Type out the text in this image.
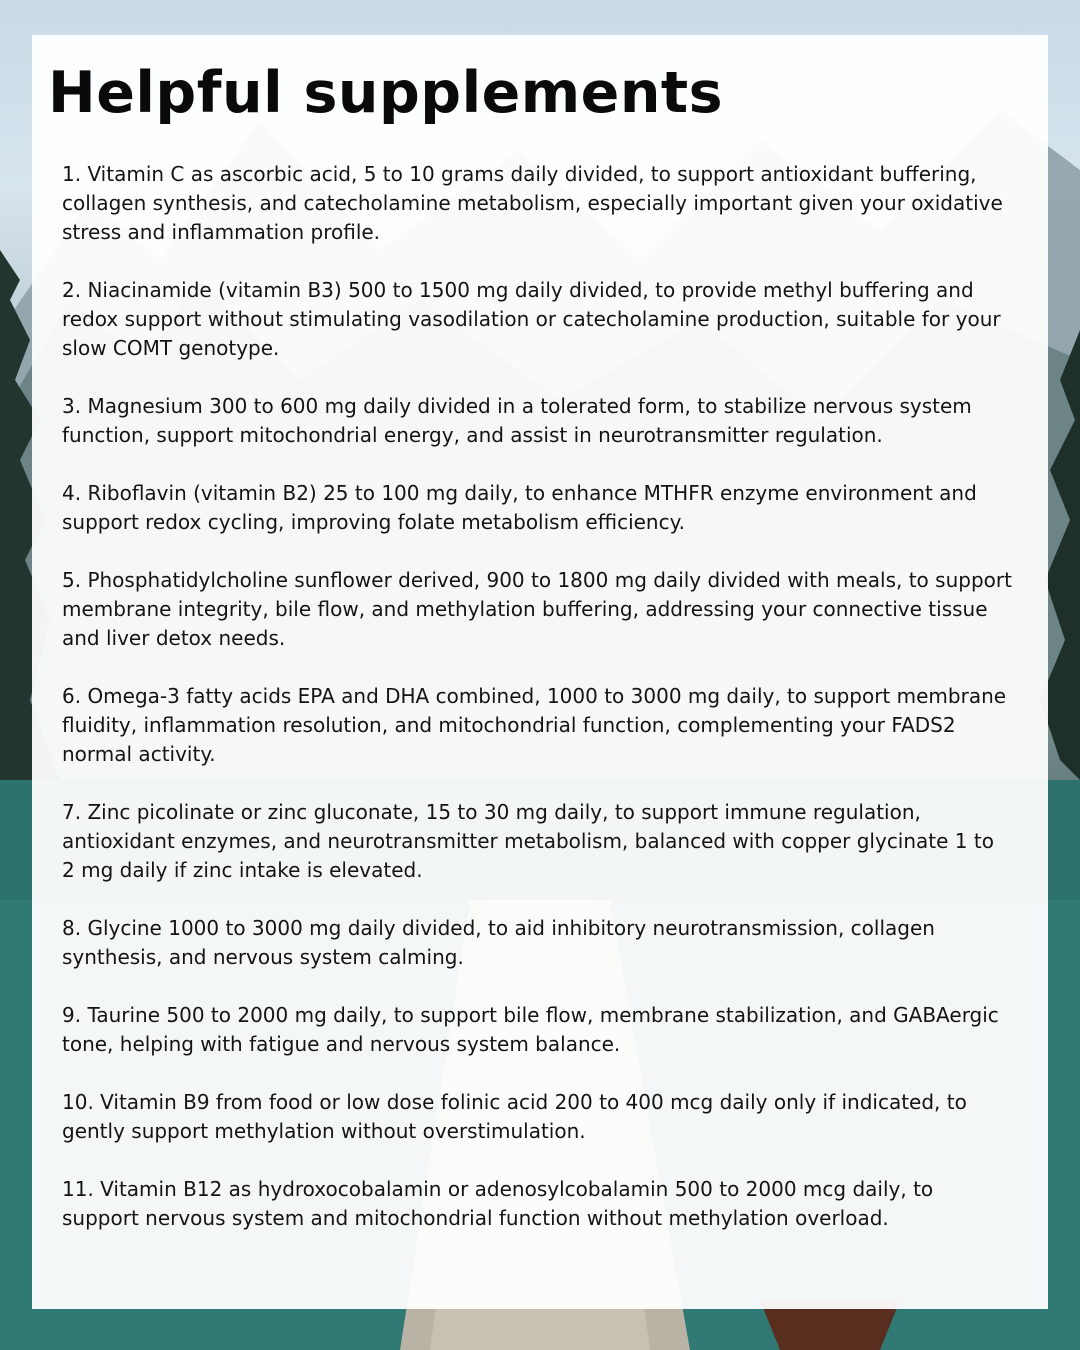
Helpful supplements
1. Vitamin C as ascorbic acid, 5 to 10 grams daily divided, to support antioxidant buffering, collagen synthesis, and catecholamine metabolism, especially important given your oxidative stress and inflammation profile.
2. Niacinamide (vitamin B3) 500 to 1500 mg daily divided, to provide methyl buffering and redox support without stimulating vasodilation or catecholamine production, suitable for your slow COMT genotype.
3. Magnesium 300 to 600 mg daily divided in a tolerated form, to stabilize nervous system function, support mitochondrial energy, and assist in neurotransmitter regulation.
4. Riboflavin (vitamin B2) 25 to 100 mg daily, to enhance MTHFR enzyme environment and support redox cycling, improving folate metabolism efficiency.
5. Phosphatidylcholine sunflower derived, 900 to 1800 mg daily divided with meals, to support membrane integrity, bile flow, and methylation buffering, addressing your connective tissue and liver detox needs.
6. Omega-3 fatty acids EPA and DHA combined, 1000 to 3000 mg daily, to support membrane fluidity, inflammation resolution, and mitochondrial function, complementing your FADS2 normal activity.
7. Zinc picolinate or zinc gluconate, 15 to 30 mg daily, to support immune regulation, antioxidant enzymes, and neurotransmitter metabolism, balanced with copper glycinate 1 to 2 mg daily if zinc intake is elevated.
8. Glycine 1000 to 3000 mg daily divided, to aid inhibitory neurotransmission, collagen synthesis, and nervous system calming.
9. Taurine 500 to 2000 mg daily, to support bile flow, membrane stabilization, and GABAergic tone, helping with fatigue and nervous system balance.
10. Vitamin B9 from food or low dose folinic acid 200 to 400 mcg daily only if indicated, to gently support methylation without overstimulation.
11. Vitamin B12 as hydroxocobalamin or adenosylcobalamin 500 to 2000 mcg daily, to support nervous system and mitochondrial function without methylation overload.
